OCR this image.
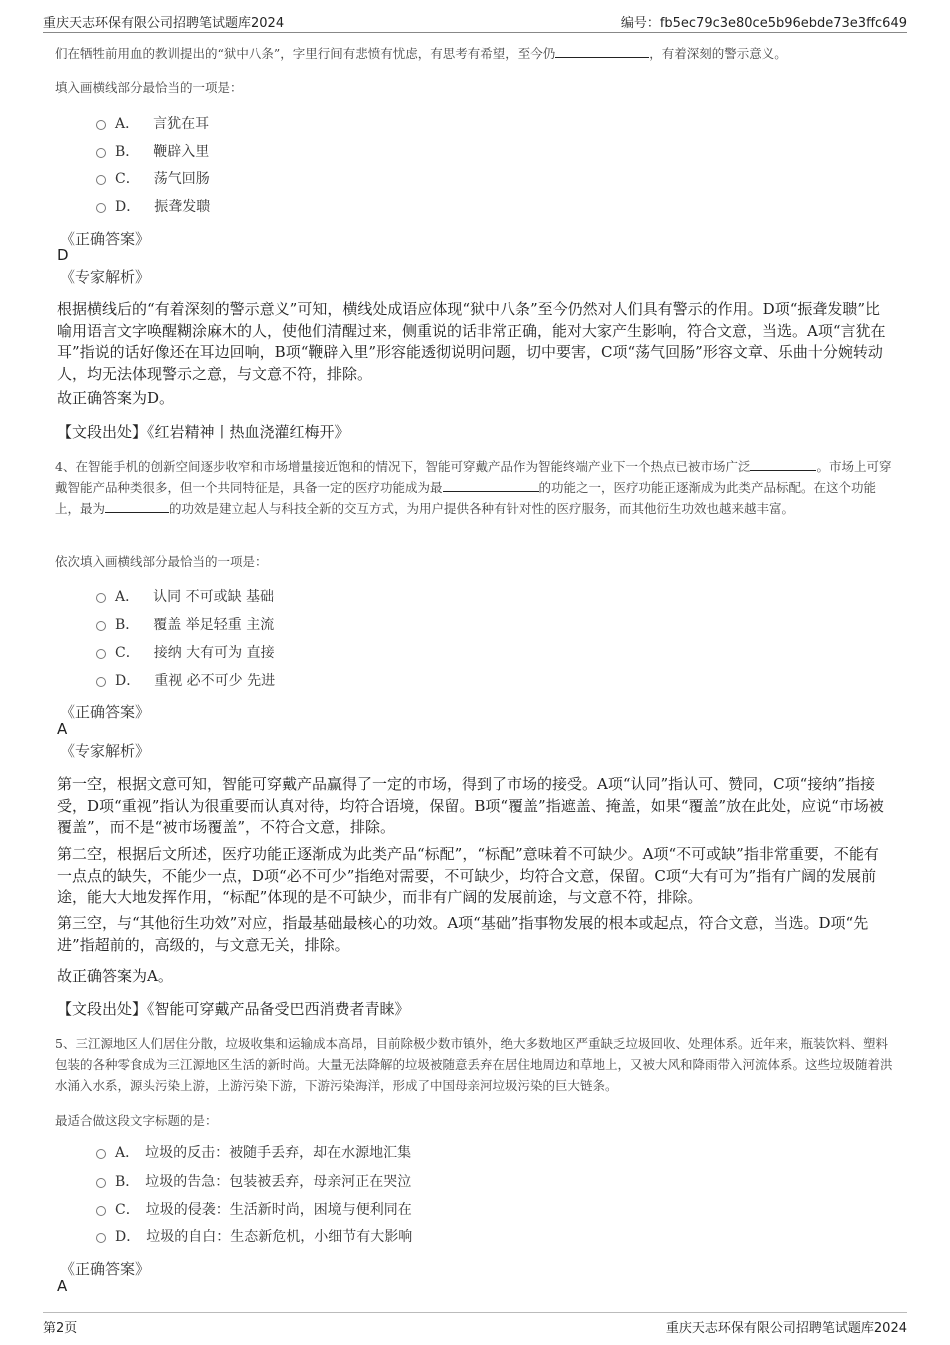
重庆天志环保有限公司招聘笔试题库2024	编号：fb5ec79c3e80ce5b96ebde73e3ffc649
们在牺牲前用血的教训提出的“狱中八条”，字里行间有悲愤有忧虑，有思考有希望，至今仍	，有着深刻的警示意义。
填入画横线部分最恰当的一项是：
A． 言犹在耳
B． 鞭辟入里
C． 荡气回肠
D． 振聋发聩
《正确答案》
D
《专家解析》
根据横线后的“有着深刻的警示意义”可知，横线处成语应体现“狱中八条”至今仍然对人们具有警示的作用。D项“振聋发聩”比喻用语言文字唤醒糊涂麻木的人，使他们清醒过来，侧重说的话非常正确，能对大家产生影响，符合文意，当选。A项“言犹在耳”指说的话好像还在耳边回响，B项“鞭辟入里”形容能透彻说明问题，切中要害，C项“荡气回肠”形容文章、乐曲十分婉转动人，均无法体现警示之意，与文意不符，排除。
故正确答案为D。
【文段出处】《红岩精神丨热血浇灌红梅开》
4、在智能手机的创新空间逐步收窄和市场增量接近饱和的情况下，智能可穿戴产品作为智能终端产业下一个热点已被市场广泛	。市场上可穿戴智能产品种类很多，但一个共同特征是，具备一定的医疗功能成为最	的功能之一，医疗功能正逐渐成为此类产品标配。在这个功能上，最为	的功效是建立起人与科技全新的交互方式，为用户提供各种有针对性的医疗服务，而其他衍生功效也越来越丰富。
依次填入画横线部分最恰当的一项是：
A． 认同 不可或缺 基础
B． 覆盖 举足轻重 主流
C． 接纳 大有可为 直接
D． 重视 必不可少 先进
《正确答案》
A
《专家解析》
第一空，根据文意可知，智能可穿戴产品赢得了一定的市场，得到了市场的接受。A项“认同”指认可、赞同，C项“接纳”指接受，D项“重视”指认为很重要而认真对待，均符合语境，保留。B项“覆盖”指遮盖、掩盖，如果“覆盖”放在此处，应说“市场被覆盖”，而不是“被市场覆盖”，不符合文意，排除。
第二空，根据后文所述，医疗功能正逐渐成为此类产品“标配”，“标配”意味着不可缺少。A项“不可或缺”指非常重要，不能有一点点的缺失，不能少一点，D项“必不可少”指绝对需要，不可缺少，均符合文意，保留。C项“大有可为”指有广阔的发展前途，能大大地发挥作用，“标配”体现的是不可缺少，而非有广阔的发展前途，与文意不符，排除。
第三空，与“其他衍生功效”对应，指最基础最核心的功效。A项“基础”指事物发展的根本或起点，符合文意，当选。D项“先进”指超前的，高级的，与文意无关，排除。
故正确答案为A。
【文段出处】《智能可穿戴产品备受巴西消费者青睐》
5、三江源地区人们居住分散，垃圾收集和运输成本高昂，目前除极少数市镇外，绝大多数地区严重缺乏垃圾回收、处理体系。近年来，瓶装饮料、塑料包装的各种零食成为三江源地区生活的新时尚。大量无法降解的垃圾被随意丢弃在居住地周边和草地上，又被大风和降雨带入河流体系。这些垃圾随着洪水涌入水系，源头污染上游，上游污染下游，下游污染海洋，形成了中国母亲河垃圾污染的巨大链条。
最适合做这段文字标题的是：
A． 垃圾的反击：被随手丢弃，却在水源地汇集
B． 垃圾的告急：包装被丢弃，母亲河正在哭泣
C． 垃圾的侵袭：生活新时尚，困境与便利同在
D． 垃圾的自白：生态新危机，小细节有大影响
《正确答案》
A
第2页	重庆天志环保有限公司招聘笔试题库2024
